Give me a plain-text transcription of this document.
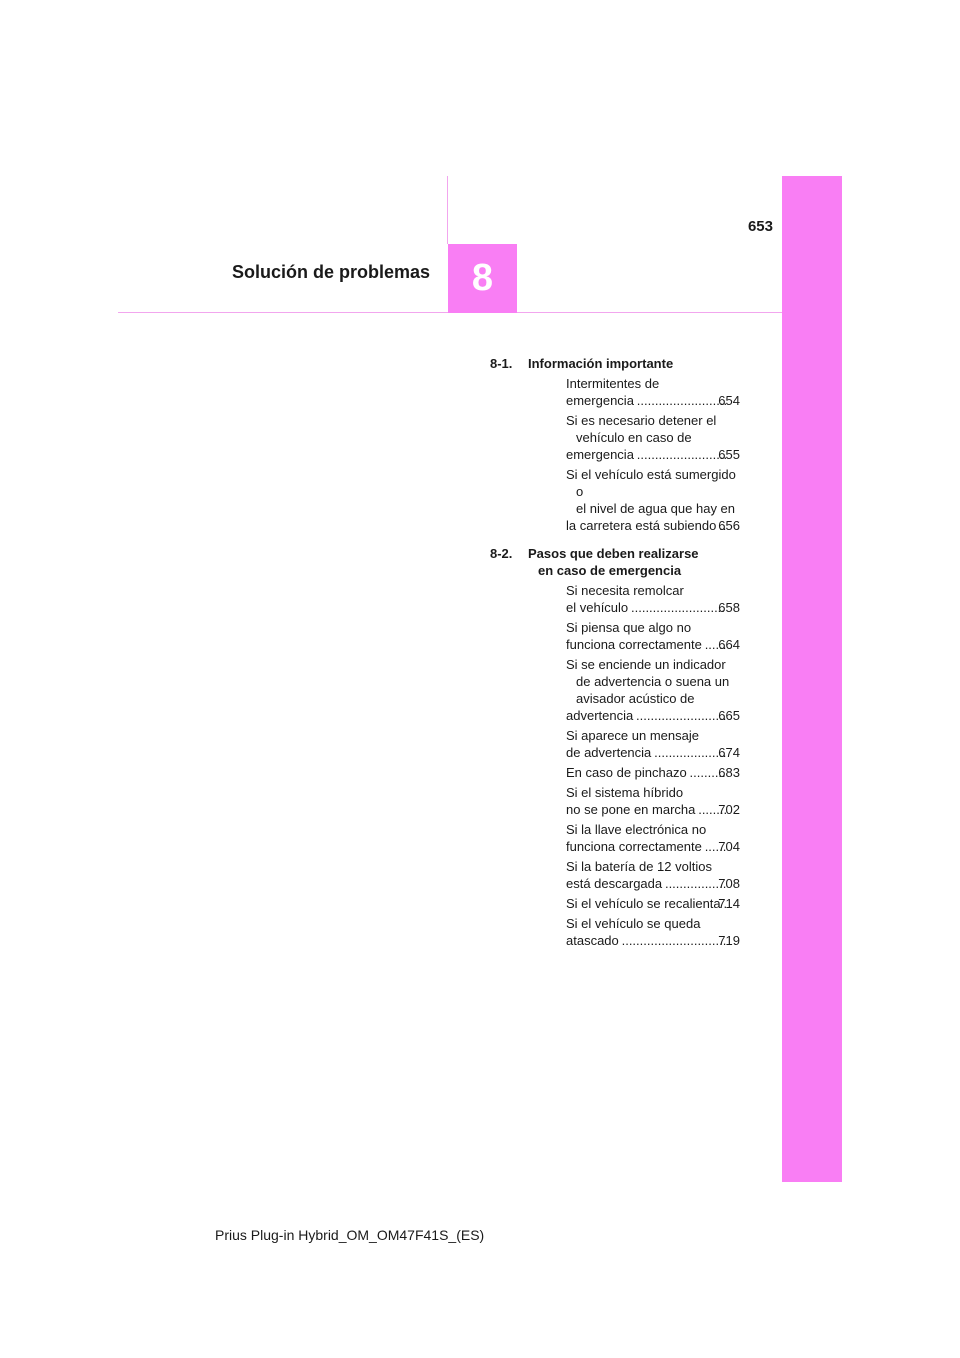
653
8
Solución de problemas
8-1. Información importante
Intermitentes de

emergencia .....	654
Si es necesario detener el
vehículo en caso de

emergencia .....	655
Si el vehículo está sumergido o
el nivel de agua que hay en

la carretera está subiendo ..... 656
8-2. Pasos que deben realizarse
en caso de emergencia
Si necesita remolcar

el vehículo .....	658
Si piensa que algo no

funciona correctamente ..... 664
Si se enciende un indicador
de advertencia o suena un
avisador acústico de

advertencia .....	665
Si aparece un mensaje

de advertencia .....	674
En caso de pinchazo ..... 683
Si el sistema híbrido

no se pone en marcha ..... 702
Si la llave electrónica no

funciona correctamente ..... 704
Si la batería de 12 voltios

está descargada .....	708
Si el vehículo se recalienta
.....
714
Si el vehículo se queda

atascado .....	719
Prius Plug-in Hybrid_OM_OM47F41S_(ES)
